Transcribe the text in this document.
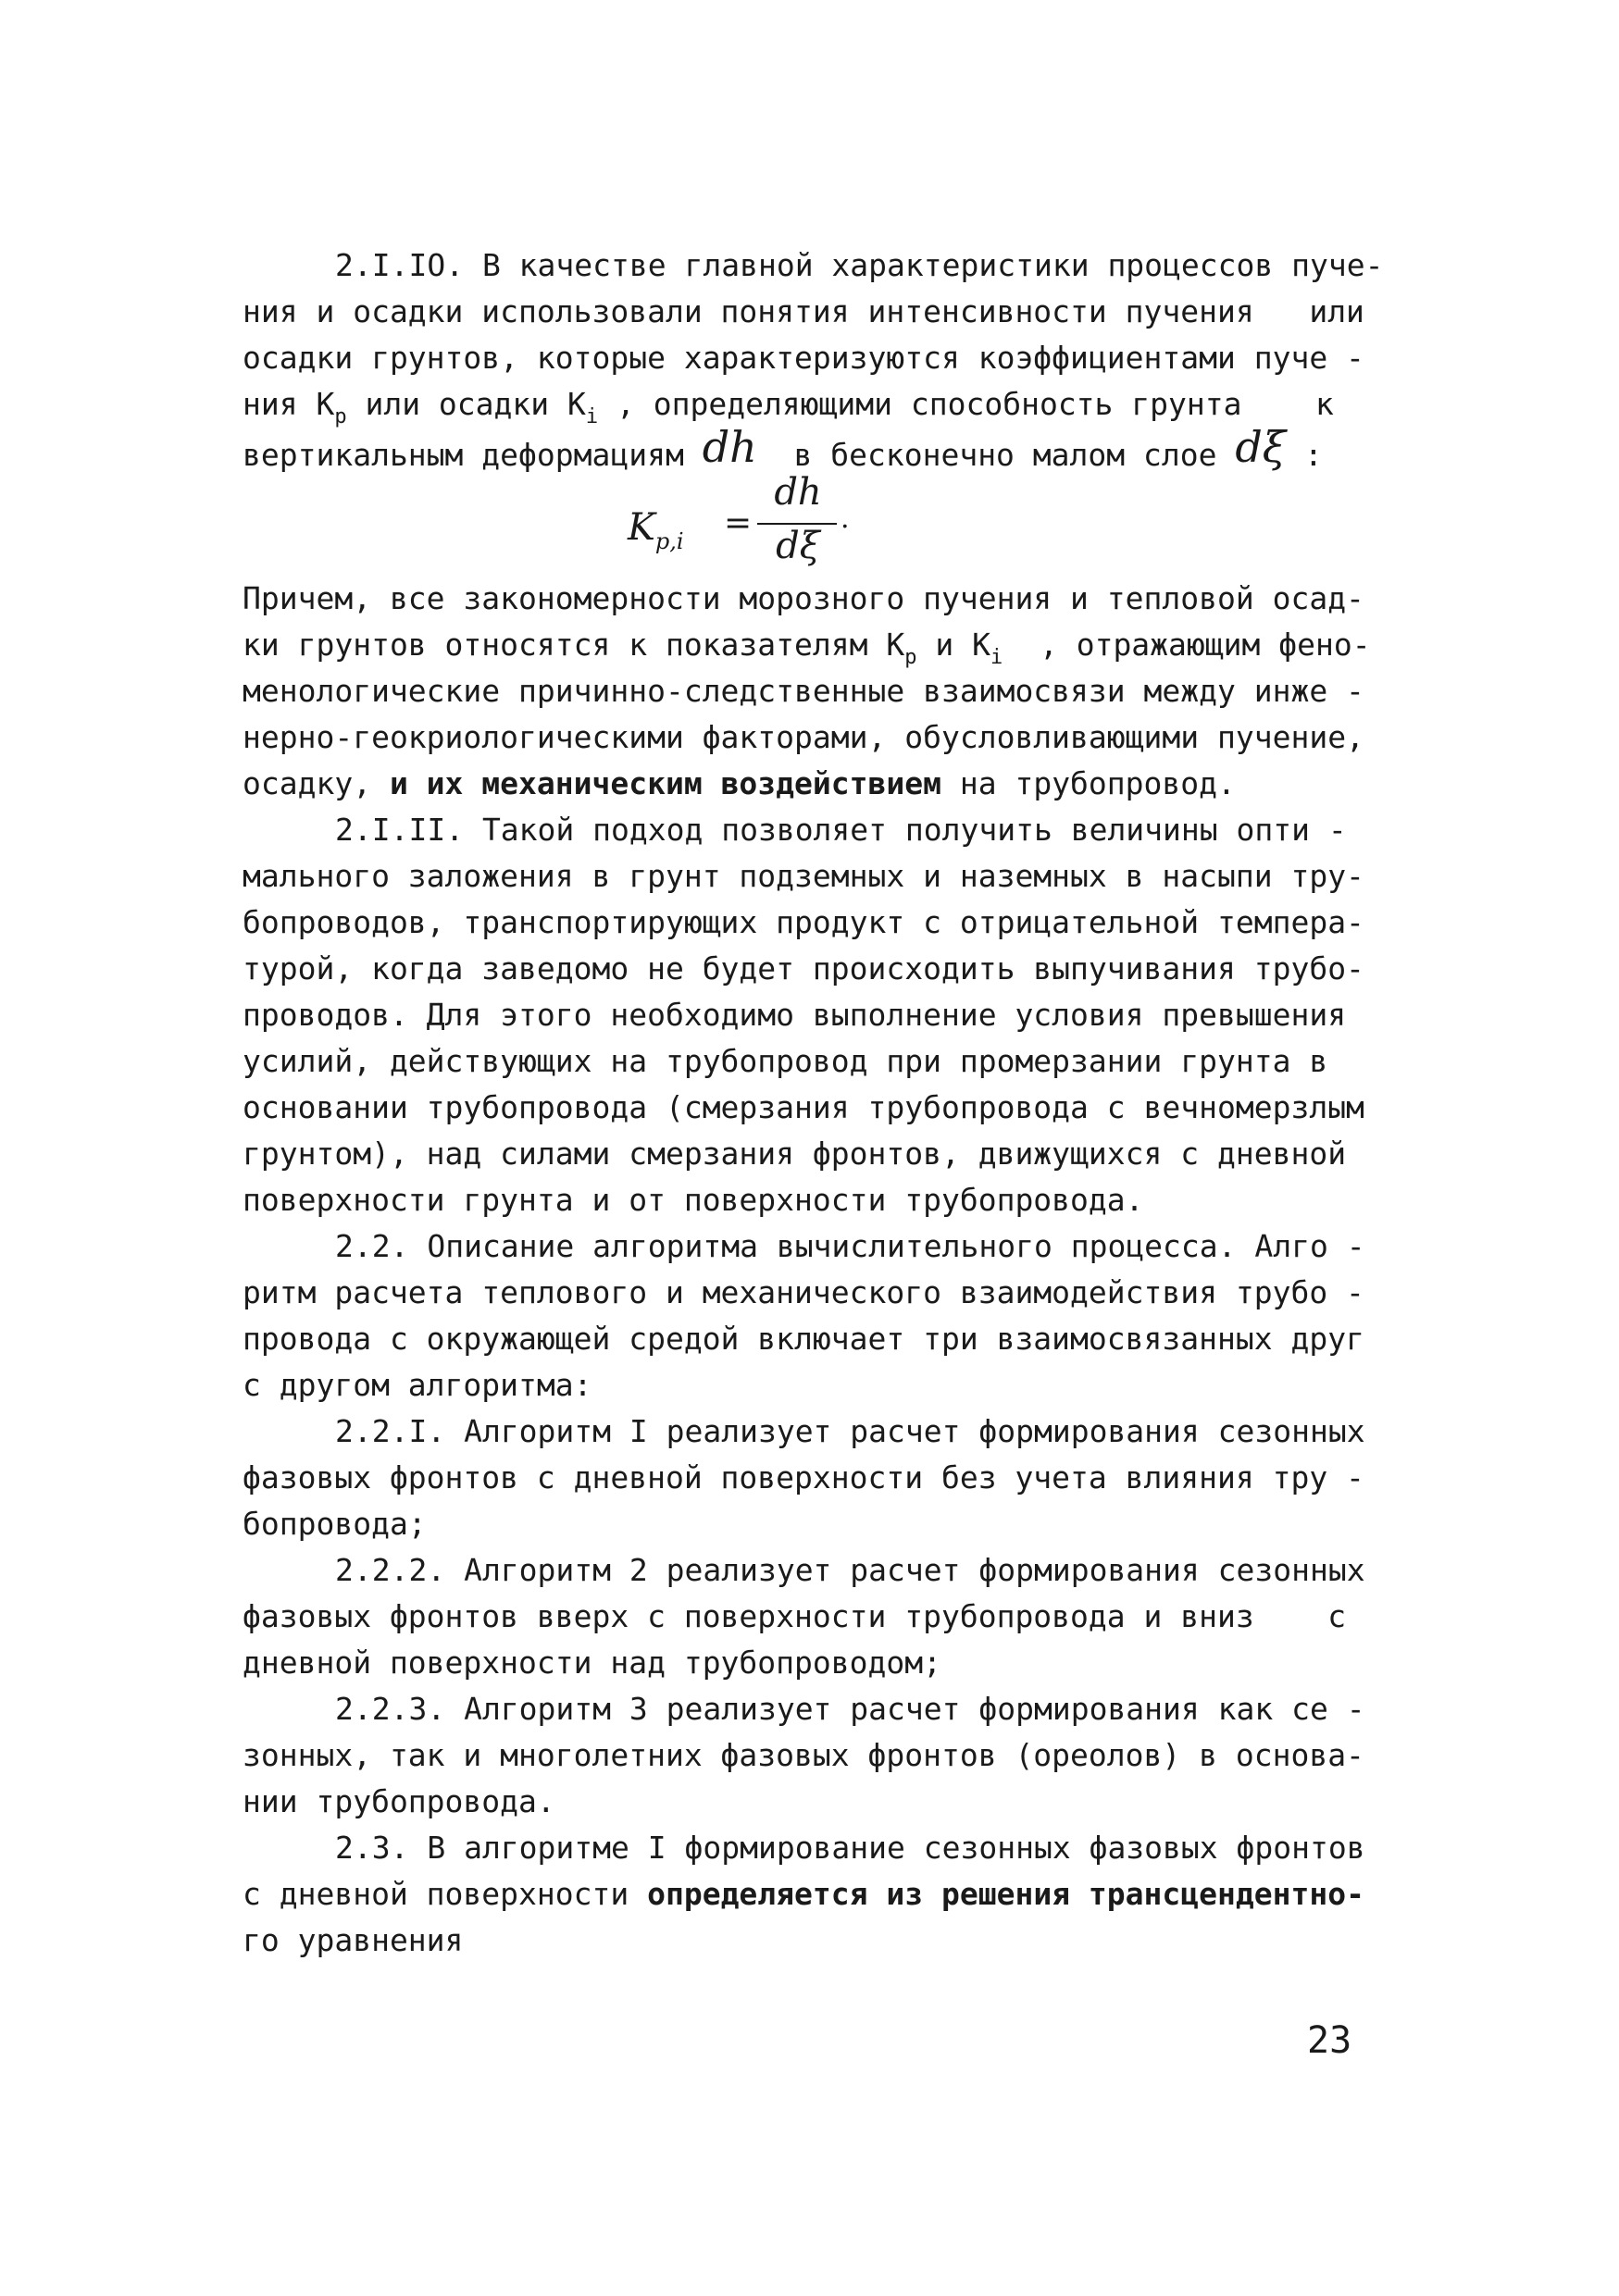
2.I.IO. В качестве главной характеристики процессов пуче-
ния и осадки использовали понятия интенсивности пучения   или
осадки грунтов, которые характеризуются коэффициентами пуче -
ния $K_p$ или осадки $K_i$ , определяющими способность грунта    к
вертикальным деформациям dh  в бесконечно малом слое dξ :
$K_{p,i}$ =
dh
dξ
.
Причем, все закономерности морозного пучения и тепловой осад-
ки грунтов относятся к показателям $K_p$ и $K_i$  , отражающим фено-
менологические причинно-следственные взаимосвязи между инже -
нерно-геокриологическими факторами, обусловливающими пучение,
осадку, и их механическим воздействием на трубопровод.
2.I.II. Такой подход позволяет получить величины опти -
мального заложения в грунт подземных и наземных в насыпи тру-
бопроводов, транспортирующих продукт с отрицательной темпера-
турой, когда заведомо не будет происходить выпучивания трубо-
проводов. Для этого необходимо выполнение условия превышения
усилий, действующих на трубопровод при промерзании грунта в
основании трубопровода (смерзания трубопровода с вечномерзлым
грунтом), над силами смерзания фронтов, движущихся с дневной
поверхности грунта и от поверхности трубопровода.
2.2. Описание алгоритма вычислительного процесса. Алго -
ритм расчета теплового и механического взаимодействия трубо -
провода с окружающей средой включает три взаимосвязанных друг
с другом алгоритма:
2.2.I. Алгоритм I реализует расчет формирования сезонных
фазовых фронтов с дневной поверхности без учета влияния тру -
бопровода;
2.2.2. Алгоритм 2 реализует расчет формирования сезонных
фазовых фронтов вверх с поверхности трубопровода и вниз    с
дневной поверхности над трубопроводом;
2.2.3. Алгоритм 3 реализует расчет формирования как се -
зонных, так и многолетних фазовых фронтов (ореолов) в основа-
нии трубопровода.
2.3. В алгоритме I формирование сезонных фазовых фронтов
с дневной поверхности определяется из решения трансцендентно-
го уравнения
23
